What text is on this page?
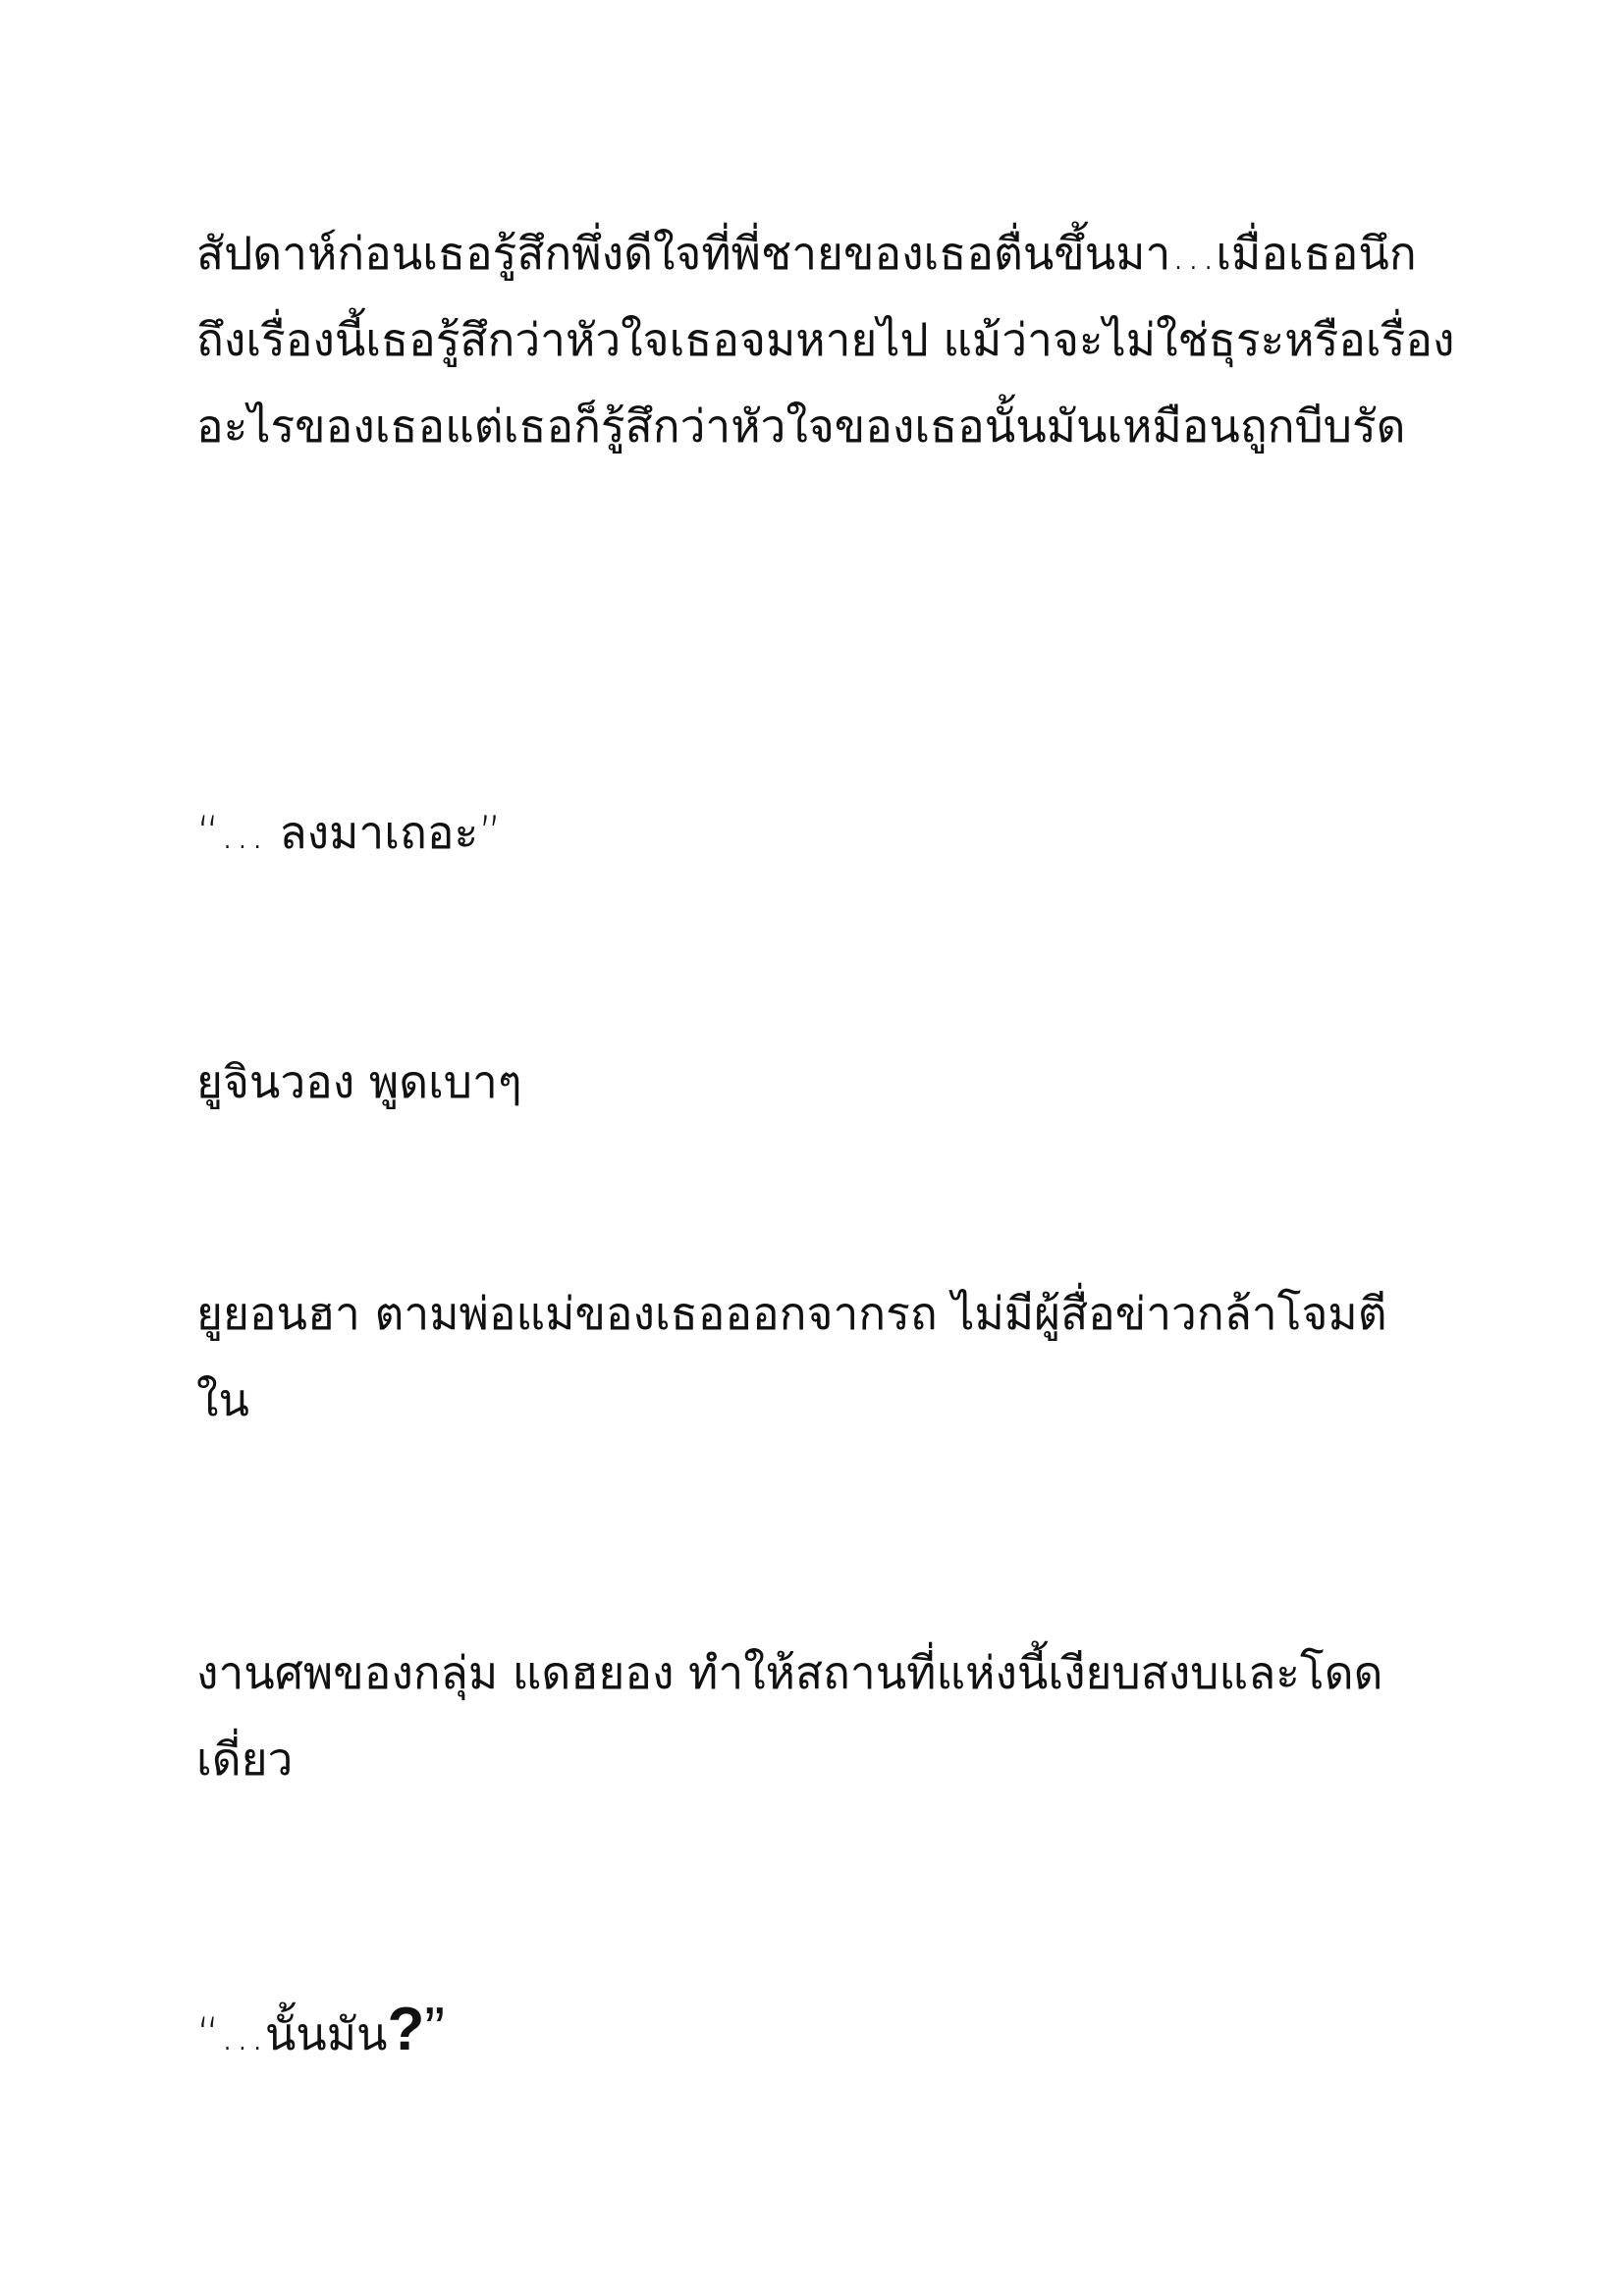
สัปดาห์ก่อนเธอรู้สึกพึ่งดีใจที่พี่ชายของเธอตื่นขึ้นมา…เมื่อเธอนึก
ถึงเรื่องนี้เธอรู้สึกว่าหัวใจเธอจมหายไป แม้ว่าจะไม่ใช่ธุระหรือเรื่อง
อะไรของเธอแต่เธอก็รู้สึกว่าหัวใจของเธอนั้นมันเหมือนถูกบีบรัด

“… ลงมาเถอะ”

ยูจินวอง พูดเบาๆ

ยูยอนฮา ตามพ่อแม่ของเธอออกจากรถ ไม่มีผู้สื่อข่าวกล้าโจมตี
ใน

งานศพของกลุ่ม แดฮยอง ทำให้สถานที่แห่งนี้เงียบสงบและโดด
เดี่ยว

“…นั้นมัน?”
